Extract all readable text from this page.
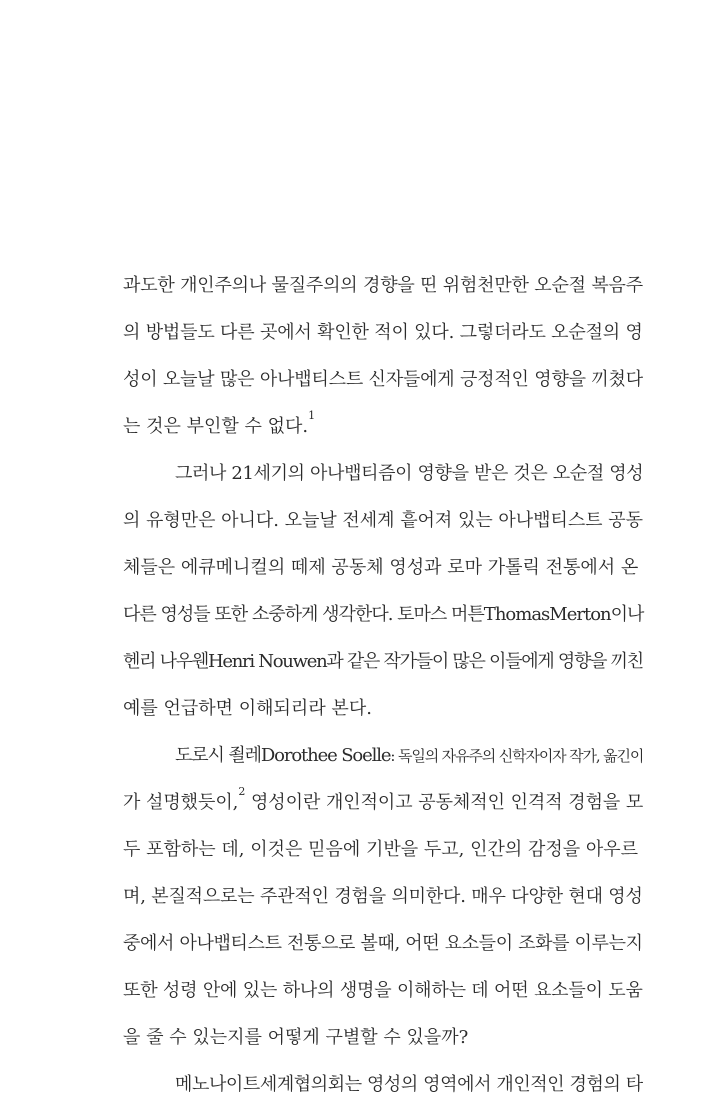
과도한 개인주의나 물질주의의 경향을 띤 위험천만한 오순절 복음주
의 방법들도 다른 곳에서 확인한 적이 있다. 그렇더라도 오순절의 영
성이 오늘날 많은 아나뱁티스트 신자들에게 긍정적인 영향을 끼쳤다
는 것은 부인할 수 없다.$^1$
그러나 21세기의 아나뱁티즘이 영향을 받은 것은 오순절 영성
의 유형만은 아니다. 오늘날 전세계 흩어져 있는 아나뱁티스트 공동
체들은 에큐메니컬의 떼제 공동체 영성과 로마 가톨릭 전통에서 온
다른 영성들 또한 소중하게 생각한다. 토마스 머튼ThomasMerton이나
헨리 나우웬Henri Nouwen과 같은 작가들이 많은 이들에게 영향을 끼친
예를 언급하면 이해되리라 본다.
도로시 죌레Dorothee Soelle: 독일의 자유주의 신학자이자 작가, 옮긴이
가 설명했듯이,$^2$ 영성이란 개인적이고 공동체적인 인격적 경험을 모
두 포함하는 데, 이것은 믿음에 기반을 두고, 인간의 감정을 아우르
며, 본질적으로는 주관적인 경험을 의미한다. 매우 다양한 현대 영성
중에서 아나뱁티스트 전통으로 볼때, 어떤 요소들이 조화를 이루는지
또한 성령 안에 있는 하나의 생명을 이해하는 데 어떤 요소들이 도움
을 줄 수 있는지를 어떻게 구별할 수 있을까?
메노나이트세계협의회는 영성의 영역에서 개인적인 경험의 타
